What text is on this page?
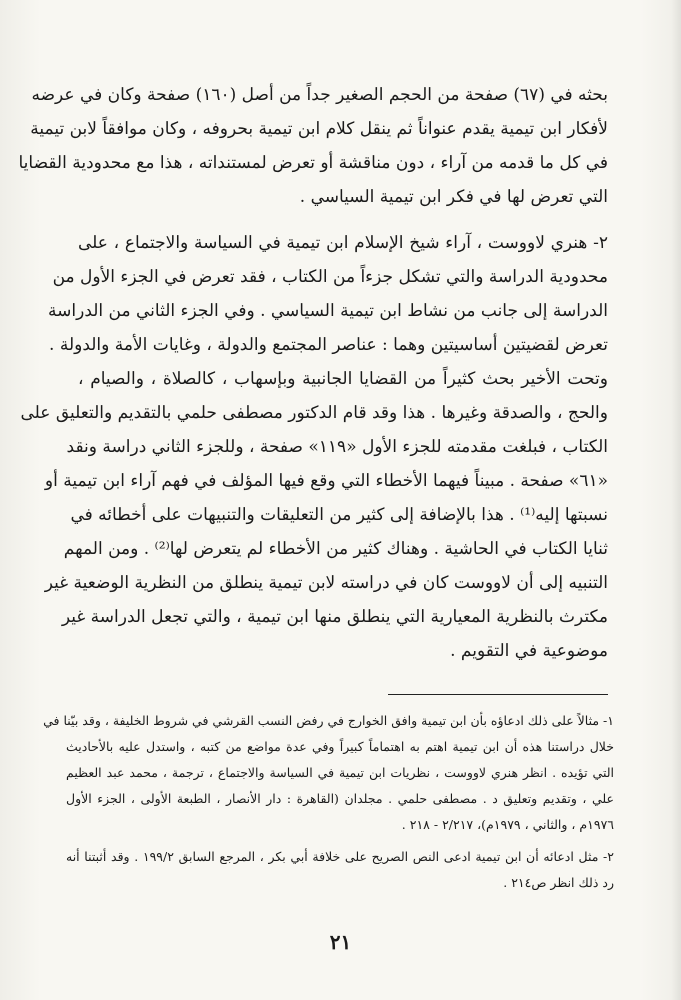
بحثه في (٦٧) صفحة من الحجم الصغير جداً من أصل (١٦٠) صفحة وكان في عرضه
لأفكار ابن تيمية يقدم عنواناً ثم ينقل كلام ابن تيمية بحروفه ، وكان موافقاً لابن تيمية
في كل ما قدمه من آراء ، دون مناقشة أو تعرض لمستنداته ، هذا مع محدودية القضايا
التي تعرض لها في فكر ابن تيمية السياسي .
٢- هنري لاووست ، آراء شيخ الإسلام ابن تيمية في السياسة والاجتماع ، على
محدودية الدراسة والتي تشكل جزءاً من الكتاب ، فقد تعرض في الجزء الأول من
الدراسة إلى جانب من نشاط ابن تيمية السياسي . وفي الجزء الثاني من الدراسة
تعرض لقضيتين أساسيتين وهما : عناصر المجتمع والدولة ، وغايات الأمة والدولة .
وتحت الأخير بحث كثيراً من القضايا الجانبية وبإسهاب ، كالصلاة ، والصيام ،
والحج ، والصدقة وغيرها . هذا وقد قام الدكتور مصطفى حلمي بالتقديم والتعليق على
الكتاب ، فبلغت مقدمته للجزء الأول «١١٩» صفحة ، وللجزء الثاني دراسة ونقد
«٦١» صفحة . مبيناً فيهما الأخطاء التي وقع فيها المؤلف في فهم آراء ابن تيمية أو
نسبتها إليه⁽¹⁾ . هذا بالإضافة إلى كثير من التعليقات والتنبيهات على أخطائه في
ثنايا الكتاب في الحاشية . وهناك كثير من الأخطاء لم يتعرض لها⁽²⁾ . ومن المهم
التنبيه إلى أن لاووست كان في دراسته لابن تيمية ينطلق من النظرية الوضعية غير
مكترث بالنظرية المعيارية التي ينطلق منها ابن تيمية ، والتي تجعل الدراسة غير
موضوعية في التقويم .
١- مثالاً على ذلك ادعاؤه بأن ابن تيمية وافق الخوارج في رفض النسب القرشي في شروط الخليفة ، وقد بيّنا في
خلال دراستنا هذه أن ابن تيمية اهتم به اهتماماً كبيراً وفي عدة مواضع من كتبه ، واستدل عليه بالأحاديث
التي تؤيده . انظر هنري لاووست ، نظريات ابن تيمية في السياسة والاجتماع ، ترجمة ، محمد عبد العظيم
علي ، وتقديم وتعليق د . مصطفى حلمي . مجلدان (القاهرة : دار الأنصار ، الطبعة الأولى ، الجزء الأول
١٩٧٦م ، والثاني ، ١٩٧٩م)، ٢/٢١٧ - ٢١٨ .
٢- مثل ادعائه أن ابن تيمية ادعى النص الصريح على خلافة أبي بكر ، المرجع السابق ١٩٩/٢ . وقد أثبتنا أنه
رد ذلك انظر ص٢١٤ .
٢١
